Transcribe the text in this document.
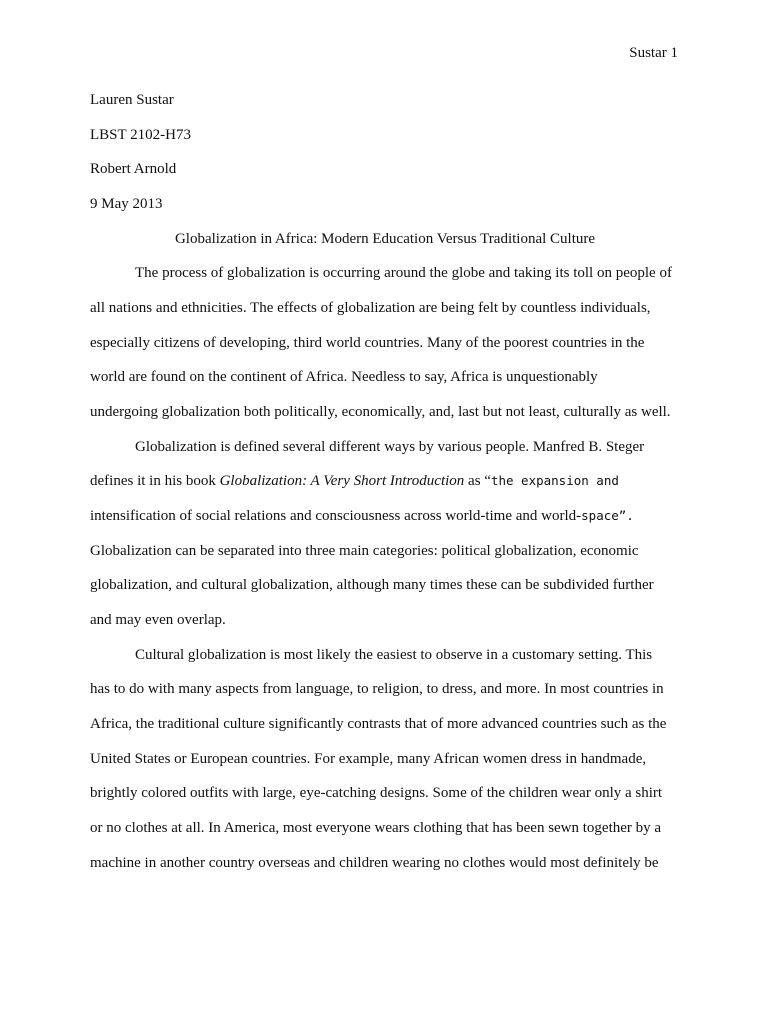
Sustar 1
Lauren Sustar
LBST 2102-H73
Robert Arnold
9 May 2013
Globalization in Africa: Modern Education Versus Traditional Culture
The process of globalization is occurring around the globe and taking its toll on people of
all nations and ethnicities. The effects of globalization are being felt by countless individuals,
especially citizens of developing, third world countries. Many of the poorest countries in the
world are found on the continent of Africa. Needless to say, Africa is unquestionably
undergoing globalization both politically, economically, and, last but not least, culturally as well.
Globalization is defined several different ways by various people. Manfred B. Steger
defines it in his book Globalization: A Very Short Introduction as “the expansion and
intensification of social relations and consciousness across world-time and world-space”.
Globalization can be separated into three main categories: political globalization, economic
globalization, and cultural globalization, although many times these can be subdivided further
and may even overlap.
Cultural globalization is most likely the easiest to observe in a customary setting. This
has to do with many aspects from language, to religion, to dress, and more. In most countries in
Africa, the traditional culture significantly contrasts that of more advanced countries such as the
United States or European countries. For example, many African women dress in handmade,
brightly colored outfits with large, eye-catching designs. Some of the children wear only a shirt
or no clothes at all. In America, most everyone wears clothing that has been sewn together by a
machine in another country overseas and children wearing no clothes would most definitely be
